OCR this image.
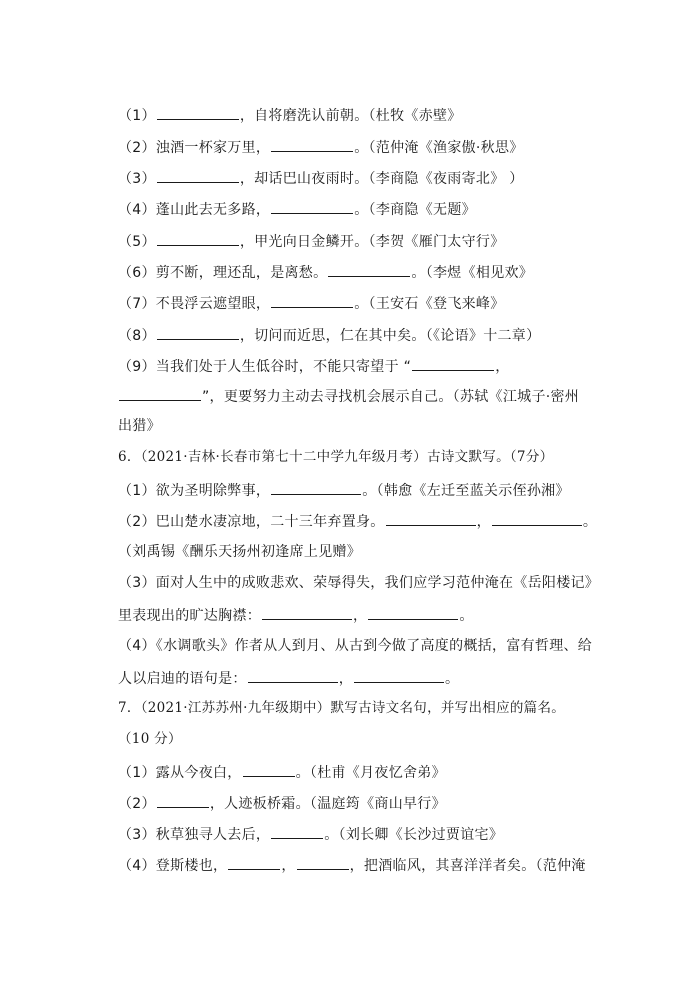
（1）	，自将磨洗认前朝。（杜牧《赤壁》
（2）浊酒一杯家万里，	。（范仲淹《渔家傲·秋思》
（3）	，却话巴山夜雨时。（李商隐《夜雨寄北》 ）
（4）蓬山此去无多路，	。（李商隐《无题》
（5）	，甲光向日金鳞开。（李贺《雁门太守行》
（6）剪不断，理还乱，是离愁。	。（李煜《相见欢》
（7）不畏浮云遮望眼，	。（王安石《登飞来峰》
（8）	，切问而近思，仁在其中矣。（《论语》十二章）
（9）当我们处于人生低谷时，不能只寄望于 “	，
”，更要努力主动去寻找机会展示自己。（苏轼《江城子·密州
出猎》
6．（2021·吉林·长春市第七十二中学九年级月考）古诗文默写。（7分）
（1）欲为圣明除弊事，	。（韩愈《左迁至蓝关示侄孙湘》
（2）巴山楚水凄凉地，二十三年弃置身。	，	。
（刘禹锡《酬乐天扬州初逢席上见赠》
（3）面对人生中的成败悲欢、荣辱得失，我们应学习范仲淹在《岳阳楼记》
里表现出的旷达胸襟：	，	。
（4）《水调歌头》作者从人到月、从古到今做了高度的概括，富有哲理、给
人以启迪的语句是：	，	。
7．（2021·江苏苏州·九年级期中）默写古诗文名句，并写出相应的篇名。
（10 分）
（1）露从今夜白，	。（杜甫《月夜忆舍弟》
（2）	，人迹板桥霜。（温庭筠《商山早行》
（3）秋草独寻人去后，	。（刘长卿《长沙过贾谊宅》
（4）登斯楼也，	，	，把酒临风，其喜洋洋者矣。（范仲淹
